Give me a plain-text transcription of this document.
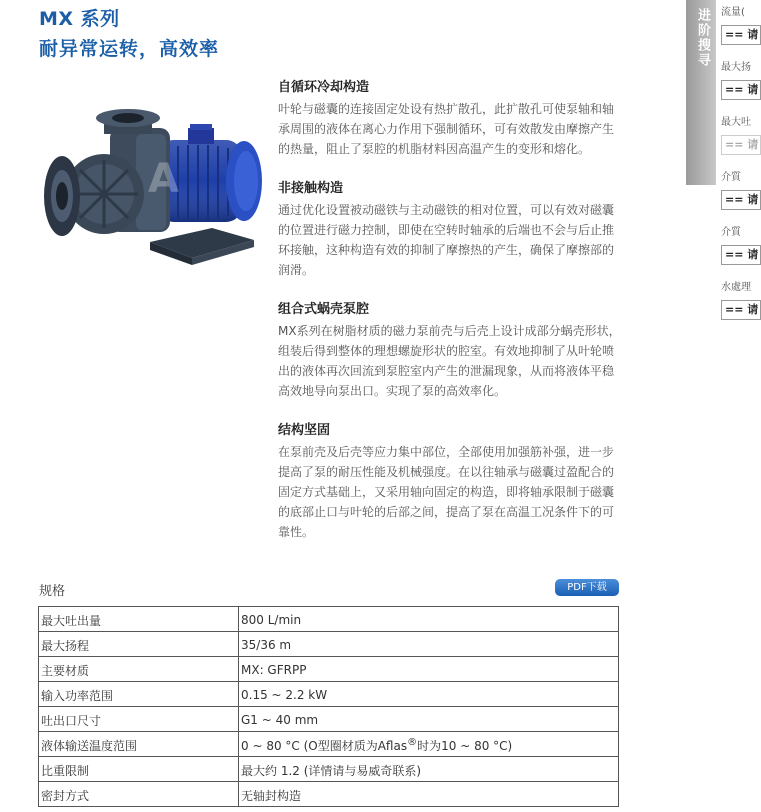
MX 系列
耐异常运转，高效率
A
自循环冷却构造

叶轮与磁囊的连接固定处设有热扩散孔，此扩散孔可使泵轴和轴承周围的液体在离心力作用下强制循环，可有效散发由摩擦产生的热量，阻止了泵腔的机脂材料因高温产生的变形和熔化。

非接触构造

通过优化设置被动磁铁与主动磁铁的相对位置，可以有效对磁囊的位置进行磁力控制，即使在空转时轴承的后端也不会与后止推环接触，这种构造有效的抑制了摩擦热的产生，确保了摩擦部的润滑。

组合式蜗壳泵腔

MX系列在树脂材质的磁力泵前壳与后壳上设计成部分蜗壳形状，组装后得到整体的理想螺旋形状的腔室。有效地抑制了从叶轮喷出的液体再次回流到泵腔室内产生的泄漏现象，从而将液体平稳高效地导向泵出口。实现了泵的高效率化。

结构坚固

在泵前壳及后壳等应力集中部位，全部使用加强筋补强，进一步提高了泵的耐压性能及机械强度。在以往轴承与磁囊过盈配合的固定方式基础上，又采用轴向固定的构造，即将轴承限制于磁囊的底部止口与叶轮的后部之间，提高了泵在高温工况条件下的可靠性。

规格	PDF下载
最大吐出量	800 L/min
最大扬程	35/36 m
主要材质	MX: GFRPP
输入功率范围	0.15 ~ 2.2 kW
吐出口尺寸	G1 ~ 40 mm
液体输送温度范围	0 ~ 80 °C (O型圈材质为Aflas®时为10 ~ 80 °C)
比重限制	最大约 1.2 (详情请与易威奇联系)
密封方式	无轴封构造
进阶搜寻 流量(
== 请
最大扬
== 请
最大吐
== 请
介質
== 请
介質
== 请
水處理
== 请
